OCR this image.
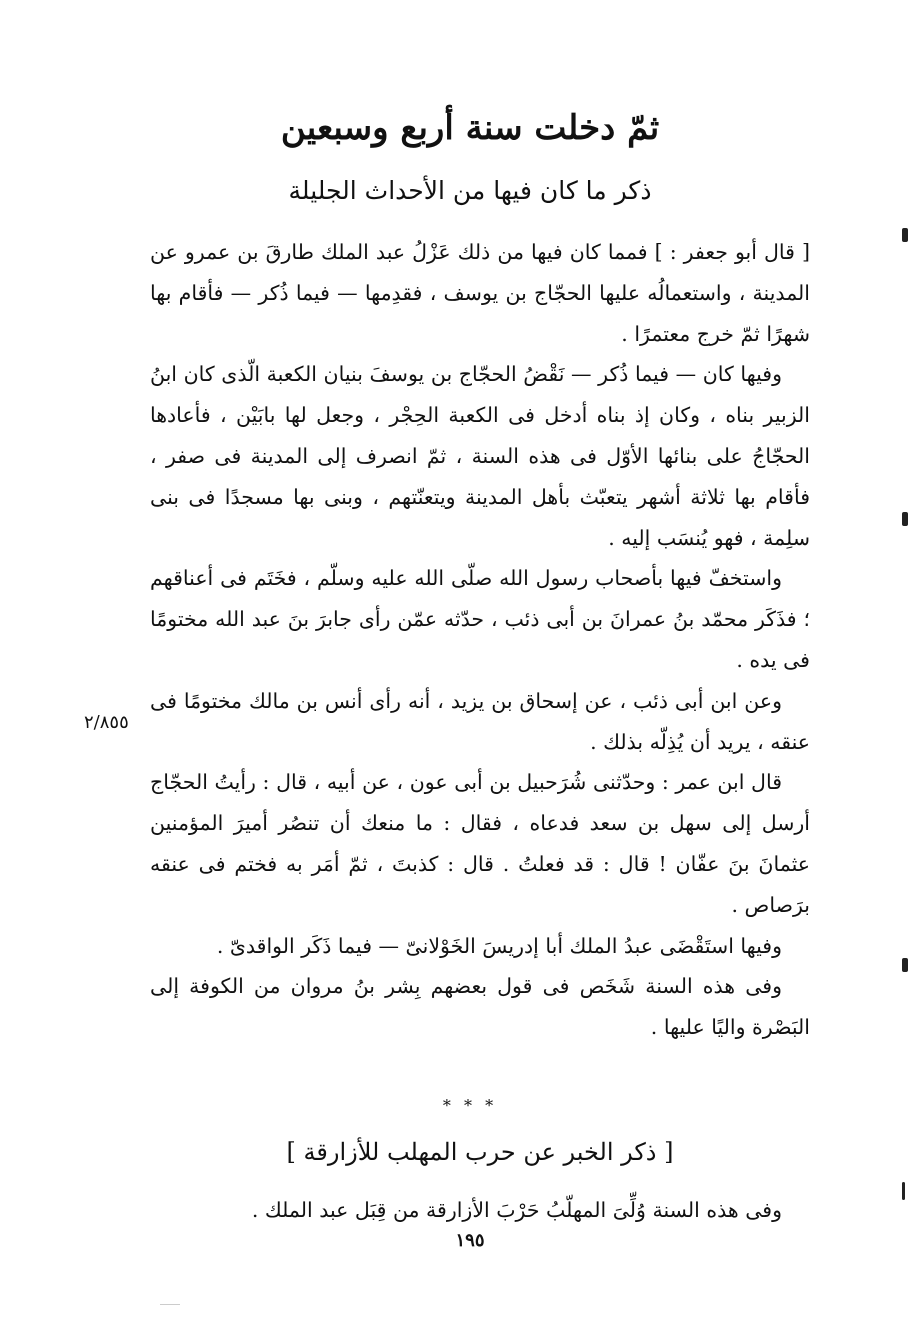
ثمّ دخلت سنة أربع وسبعين
ذكر ما كان فيها من الأحداث الجليلة

[ قال أبو جعفر : ] فمما كان فيها من ذلك عَزْلُ عبد الملك طارقَ بن عمرو عن المدينة ، واستعمالُه عليها الحجّاج بن يوسف ، فقدِمها — فيما ذُكر — فأقام بها شهرًا ثمّ خرج معتمرًا .

وفيها كان — فيما ذُكر — نَقْضُ الحجّاج بن يوسفَ بنيان الكعبة الّذى كان ابنُ الزبير بناه ، وكان إذ بناه أدخل فى الكعبة الحِجْر ، وجعل لها بابَيْن ، فأعادها الحجّاجُ على بنائها الأوّل فى هذه السنة ، ثمّ انصرف إلى المدينة فى صفر ، فأقام بها ثلاثة أشهر يتعبّث بأهل المدينة ويتعنّتهم ، وبنى بها مسجدًا فى بنى سلِمة ، فهو يُنسَب إليه .

واستخفّ فيها بأصحاب رسول الله صلّى الله عليه وسلّم ، فخَتَم فى أعناقهم ؛ فذَكَر محمّد بنُ عمرانَ بن أبى ذئب ، حدّثه عمّن رأى جابرَ بنَ عبد الله مختومًا فى يده .

وعن ابن أبى ذئب ، عن إسحاق بن يزيد ، أنه رأى أنس بن مالك مختومًا فى عنقه ، يريد أن يُذِلّه بذلك .

قال ابن عمر : وحدّثنى شُرَحبيل بن أبى عون ، عن أبيه ، قال : رأيتُ الحجّاج أرسل إلى سهل بن سعد فدعاه ، فقال : ما منعك أن تنصُر أميرَ المؤمنين عثمانَ بنَ عفّان ! قال : قد فعلتُ . قال : كذبتَ ، ثمّ أمَر به فختم فى عنقه برَصاص .

وفيها استَقْضَى عبدُ الملك أبا إدريسَ الخَوْلانىّ — فيما ذَكَر الواقدىّ .

وفى هذه السنة شَخَص فى قول بعضهم بِشر بنُ مروان من الكوفة إلى البَصْرة واليًا عليها .

٢/٨٥٥
* * *
[ ذكر الخبر عن حرب المهلب للأزارقة ]
وفى هذه السنة وُلِّىَ المهلّبُ حَرْبَ الأزارقة من قِبَل عبد الملك .
١٩٥
